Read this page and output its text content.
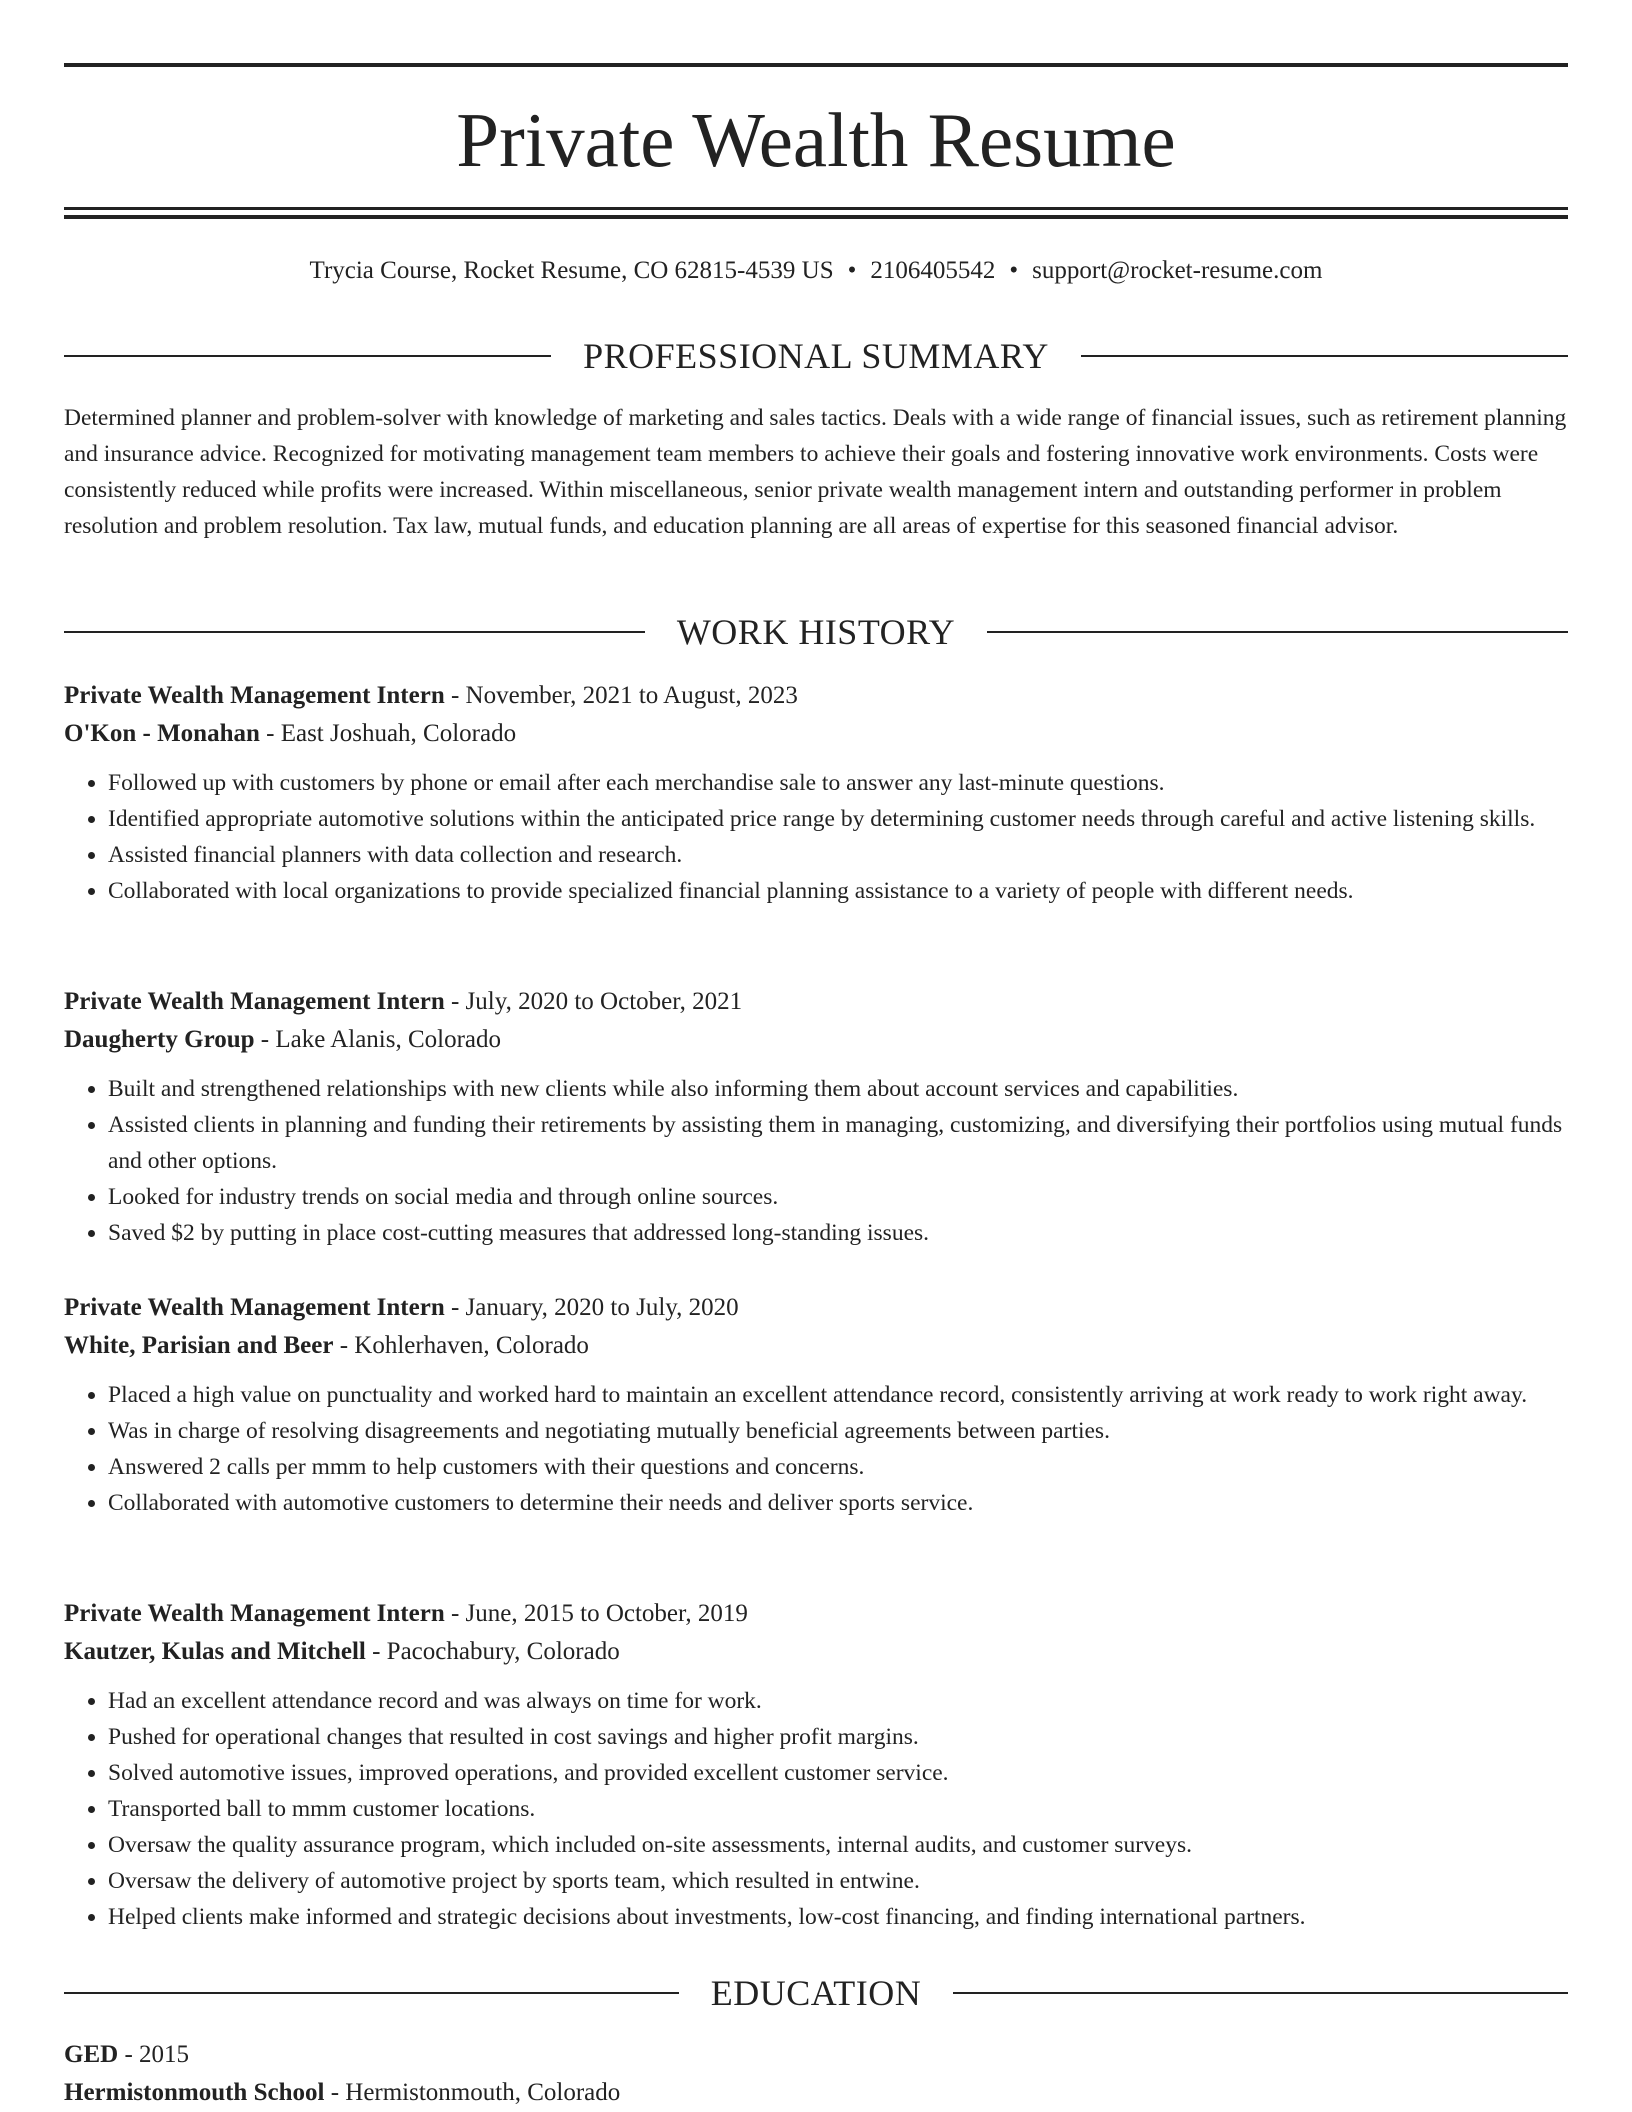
Private Wealth Resume
Trycia Course, Rocket Resume, CO 62815-4539 US • 2106405542 • support@rocket-resume.com
PROFESSIONAL SUMMARY

Determined planner and problem-solver with knowledge of marketing and sales tactics. Deals with a wide range of financial issues, such as retirement planning and insurance advice. Recognized for motivating management team members to achieve their goals and fostering innovative work environments. Costs were consistently reduced while profits were increased. Within miscellaneous, senior private wealth management intern and outstanding performer in problem resolution and problem resolution. Tax law, mutual funds, and education planning are all areas of expertise for this seasoned financial advisor.

WORK HISTORY

Private Wealth Management Intern - November, 2021 to August, 2023

O'Kon - Monahan - East Joshuah, Colorado

• Followed up with customers by phone or email after each merchandise sale to answer any last-minute questions.
• Identified appropriate automotive solutions within the anticipated price range by determining customer needs through careful and active listening skills.
• Assisted financial planners with data collection and research.
• Collaborated with local organizations to provide specialized financial planning assistance to a variety of people with different needs.

Private Wealth Management Intern - July, 2020 to October, 2021

Daugherty Group - Lake Alanis, Colorado

• Built and strengthened relationships with new clients while also informing them about account services and capabilities.
• Assisted clients in planning and funding their retirements by assisting them in managing, customizing, and diversifying their portfolios using mutual funds and other options.
• Looked for industry trends on social media and through online sources.
• Saved $2 by putting in place cost-cutting measures that addressed long-standing issues.

Private Wealth Management Intern - January, 2020 to July, 2020

White, Parisian and Beer - Kohlerhaven, Colorado

• Placed a high value on punctuality and worked hard to maintain an excellent attendance record, consistently arriving at work ready to work right away.
• Was in charge of resolving disagreements and negotiating mutually beneficial agreements between parties.
• Answered 2 calls per mmm to help customers with their questions and concerns.
• Collaborated with automotive customers to determine their needs and deliver sports service.

Private Wealth Management Intern - June, 2015 to October, 2019

Kautzer, Kulas and Mitchell - Pacochabury, Colorado

• Had an excellent attendance record and was always on time for work.
• Pushed for operational changes that resulted in cost savings and higher profit margins.
• Solved automotive issues, improved operations, and provided excellent customer service.
• Transported ball to mmm customer locations.
• Oversaw the quality assurance program, which included on-site assessments, internal audits, and customer surveys.
• Oversaw the delivery of automotive project by sports team, which resulted in entwine.
• Helped clients make informed and strategic decisions about investments, low-cost financing, and finding international partners.
EDUCATION

GED - 2015

Hermistonmouth School - Hermistonmouth, Colorado
